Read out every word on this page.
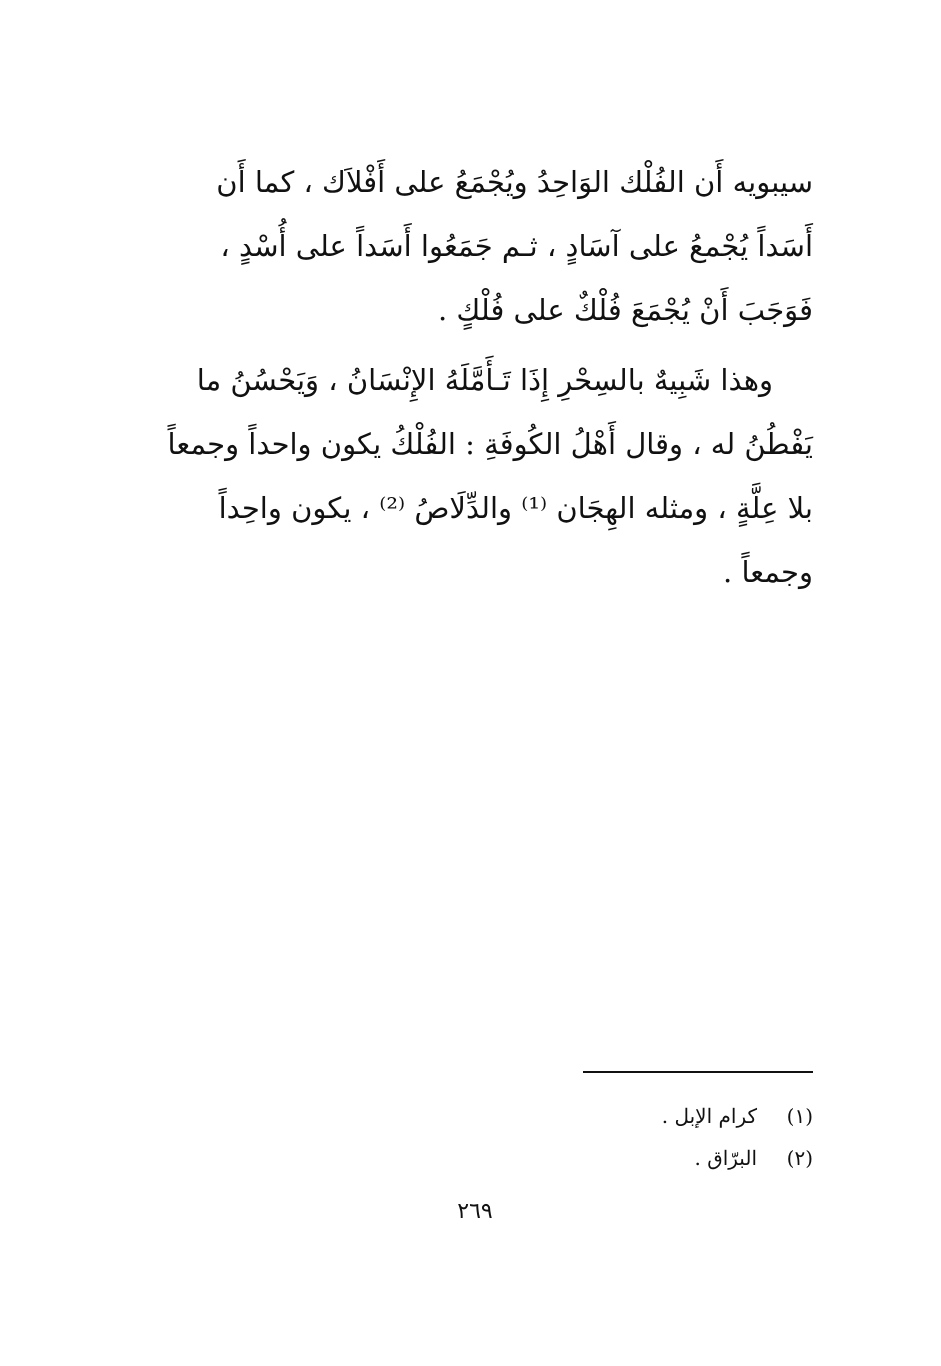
سيبويه أَن الفُلْك الوَاحِدُ ويُجْمَعُ على أَفْلاَك ، كما أَن
أَسَداً يُجْمعُ على آسَادٍ ، ثـم جَمَعُوا أَسَداً على أُسْدٍ ،
فَوَجَبَ أَنْ يُجْمَعَ فُلْكٌ على فُلْكٍ .
وهذا شَبِيهٌ بالسِحْرِ إِذَا تَـأَمَّلَهُ الإِنْسَانُ ، وَيَحْسُنُ ما
يَفْطُنُ له ، وقال أَهْلُ الكُوفَةِ : الفُلْكُ يكون واحداً وجمعاً
بلا عِلَّةٍ ، ومثله الهِجَان ⁽¹⁾ والدِّلَاصُ ⁽²⁾ ، يكون واحِداً
وجمعاً .
(١)كرام الإبل .
(٢)البرّاق .
٢٦٩
